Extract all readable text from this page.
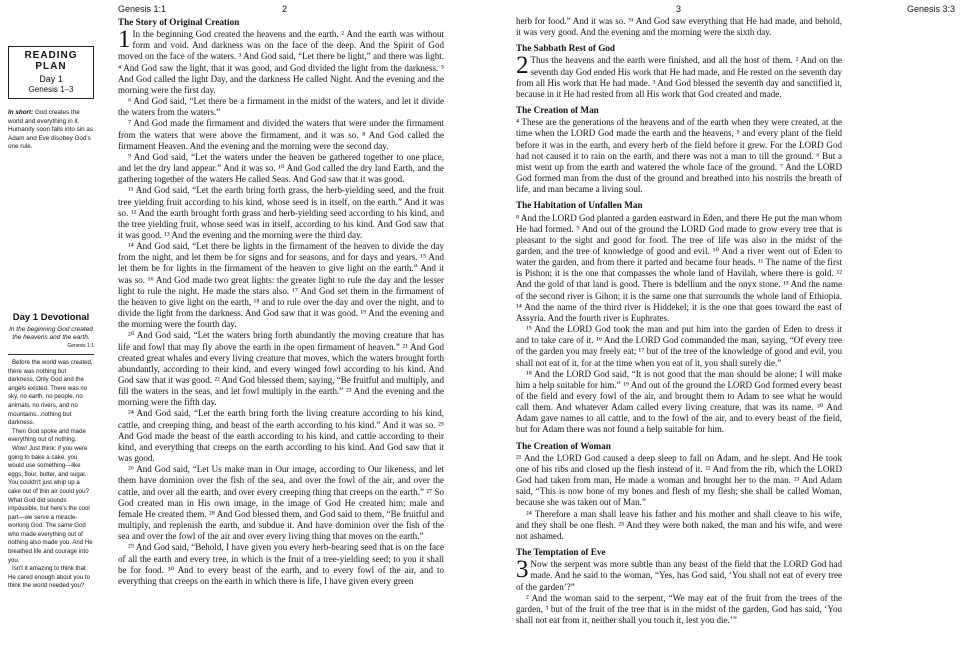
Genesis 1:1	2	3	Genesis 3:3
READING PLAN
Day 1
Genesis 1–3
In short: God creates the world and everything in it. Humanity soon falls into sin as Adam and Eve disobey God's one rule.
Day 1 Devotional
In the beginning God created the heavens and the earth.
Genesis 1:1

Before the world was created, there was nothing but darkness. Only God and the angels existed. There was no sky, no earth, no people, no animals, no rivers, and no mountains...nothing but darkness.

Then God spoke and made everything out of nothing.

Wow! Just think: if you were going to bake a cake, you would use something—like eggs, flour, butter, and sugar. You couldn't just whip up a cake out of thin air could you? What God did sounds impossible, but here's the cool part—we serve a miracle-working God. The same God who made everything out of nothing also made you. And He breathed life and courage into you.

Isn't it amazing to think that He cared enough about you to think the world needed you?

The Story of Original Creation

1 In the beginning God created the heavens and the earth. ² And the earth was without form and void. And darkness was on the face of the deep. And the Spirit of God moved on the face of the waters. ³ And God said, “Let there be light,” and there was light. ⁴ And God saw the light, that it was good, and God divided the light from the darkness. ⁵ And God called the light Day, and the darkness He called Night. And the evening and the morning were the first day.

⁶ And God said, “Let there be a firmament in the midst of the waters, and let it divide the waters from the waters.”

⁷ And God made the firmament and divided the waters that were under the firmament from the waters that were above the firmament, and it was so. ⁸ And God called the firmament Heaven. And the evening and the morning were the second day.

⁹ And God said, “Let the waters under the heaven be gathered together to one place, and let the dry land appear.” And it was so. ¹⁰ And God called the dry land Earth, and the gathering together of the waters He called Seas. And God saw that it was good.

¹¹ And God said, “Let the earth bring forth grass, the herb-yielding seed, and the fruit tree yielding fruit according to his kind, whose seed is in itself, on the earth.” And it was so. ¹² And the earth brought forth grass and herb-yielding seed according to his kind, and the tree yielding fruit, whose seed was in itself, according to his kind. And God saw that it was good. ¹³ And the evening and the morning were the third day.

¹⁴ And God said, “Let there be lights in the firmament of the heaven to divide the day from the night, and let them be for signs and for seasons, and for days and years. ¹⁵ And let them be for lights in the firmament of the heaven to give light on the earth.” And it was so. ¹⁶ And God made two great lights: the greater light to rule the day and the lesser light to rule the night. He made the stars also. ¹⁷ And God set them in the firmament of the heaven to give light on the earth, ¹⁸ and to rule over the day and over the night, and to divide the light from the darkness. And God saw that it was good. ¹⁹ And the evening and the morning were the fourth day.

²⁰ And God said, “Let the waters bring forth abundantly the moving creature that has life and fowl that may fly above the earth in the open firmament of heaven.” ²¹ And God created great whales and every living creature that moves, which the waters brought forth abundantly, according to their kind, and every winged fowl according to his kind. And God saw that it was good. ²² And God blessed them, saying, “Be fruitful and multiply, and fill the waters in the seas, and let fowl multiply in the earth.” ²³ And the evening and the morning were the fifth day.

²⁴ And God said, “Let the earth bring forth the living creature according to his kind, cattle, and creeping thing, and beast of the earth according to his kind.” And it was so. ²⁵ And God made the beast of the earth according to his kind, and cattle according to their kind, and everything that creeps on the earth according to his kind. And God saw that it was good.

²⁶ And God said, “Let Us make man in Our image, according to Our likeness, and let them have dominion over the fish of the sea, and over the fowl of the air, and over the cattle, and over all the earth, and over every creeping thing that creeps on the earth.” ²⁷ So God created man in His own image, in the image of God He created him; male and female He created them. ²⁸ And God blessed them, and God said to them, “Be fruitful and multiply, and replenish the earth, and subdue it. And have dominion over the fish of the sea and over the fowl of the air and over every living thing that moves on the earth.”

²⁹ And God said, “Behold, I have given you every herb-bearing seed that is on the face of all the earth and every tree, in which is the fruit of a tree-yielding seed; to you it shall be for food. ³⁰ And to every beast of the earth, and to every fowl of the air, and to everything that creeps on the earth in which there is life, I have given every green

herb for food.” And it was so. ³¹ And God saw everything that He had made, and behold, it was very good. And the evening and the morning were the sixth day.

The Sabbath Rest of God

2 Thus the heavens and the earth were finished, and all the host of them. ² And on the seventh day God ended His work that He had made, and He rested on the seventh day from all His work that He had made. ³ And God blessed the seventh day and sanctified it, because in it He had rested from all His work that God created and made.

The Creation of Man

⁴ These are the generations of the heavens and of the earth when they were created, at the time when the LORD God made the earth and the heavens, ⁵ and every plant of the field before it was in the earth, and every herb of the field before it grew. For the LORD God had not caused it to rain on the earth, and there was not a man to till the ground. ⁶ But a mist went up from the earth and watered the whole face of the ground. ⁷ And the LORD God formed man from the dust of the ground and breathed into his nostrils the breath of life, and man became a living soul.

The Habitation of Unfallen Man

⁸ And the LORD God planted a garden eastward in Eden, and there He put the man whom He had formed. ⁹ And out of the ground the LORD God made to grow every tree that is pleasant to the sight and good for food. The tree of life was also in the midst of the garden, and the tree of knowledge of good and evil. ¹⁰ And a river went out of Eden to water the garden, and from there it parted and became four heads. ¹¹ The name of the first is Pishon; it is the one that compasses the whole land of Havilah, where there is gold. ¹² And the gold of that land is good. There is bdellium and the onyx stone. ¹³ And the name of the second river is Gihon; it is the same one that surrounds the whole land of Ethiopia. ¹⁴ And the name of the third river is Hiddekel; it is the one that goes toward the east of Assyria. And the fourth river is Euphrates.

¹⁵ And the LORD God took the man and put him into the garden of Eden to dress it and to take care of it. ¹⁶ And the LORD God commanded the man, saying, “Of every tree of the garden you may freely eat; ¹⁷ but of the tree of the knowledge of good and evil, you shall not eat of it, for at the time when you eat of it, you shall surely die.”

¹⁸ And the LORD God said, “It is not good that the man should be alone; I will make him a help suitable for him.” ¹⁹ And out of the ground the LORD God formed every beast of the field and every fowl of the air, and brought them to Adam to see what he would call them. And whatever Adam called every living creature, that was its name. ²⁰ And Adam gave names to all cattle, and to the fowl of the air, and to every beast of the field, but for Adam there was not found a help suitable for him.

The Creation of Woman

²¹ And the LORD God caused a deep sleep to fall on Adam, and he slept. And He took one of his ribs and closed up the flesh instead of it. ²² And from the rib, which the LORD God had taken from man, He made a woman and brought her to the man. ²³ And Adam said, “This is now bone of my bones and flesh of my flesh; she shall be called Woman, because she was taken out of Man.”

²⁴ Therefore a man shall leave his father and his mother and shall cleave to his wife, and they shall be one flesh. ²⁵ And they were both naked, the man and his wife, and were not ashamed.

The Temptation of Eve

3 Now the serpent was more subtle than any beast of the field that the LORD God had made. And he said to the woman, “Yes, has God said, ‘You shall not eat of every tree of the garden’?”

² And the woman said to the serpent, “We may eat of the fruit from the trees of the garden, ³ but of the fruit of the tree that is in the midst of the garden, God has said, ‘You shall not eat from it, neither shall you touch it, lest you die.’”
